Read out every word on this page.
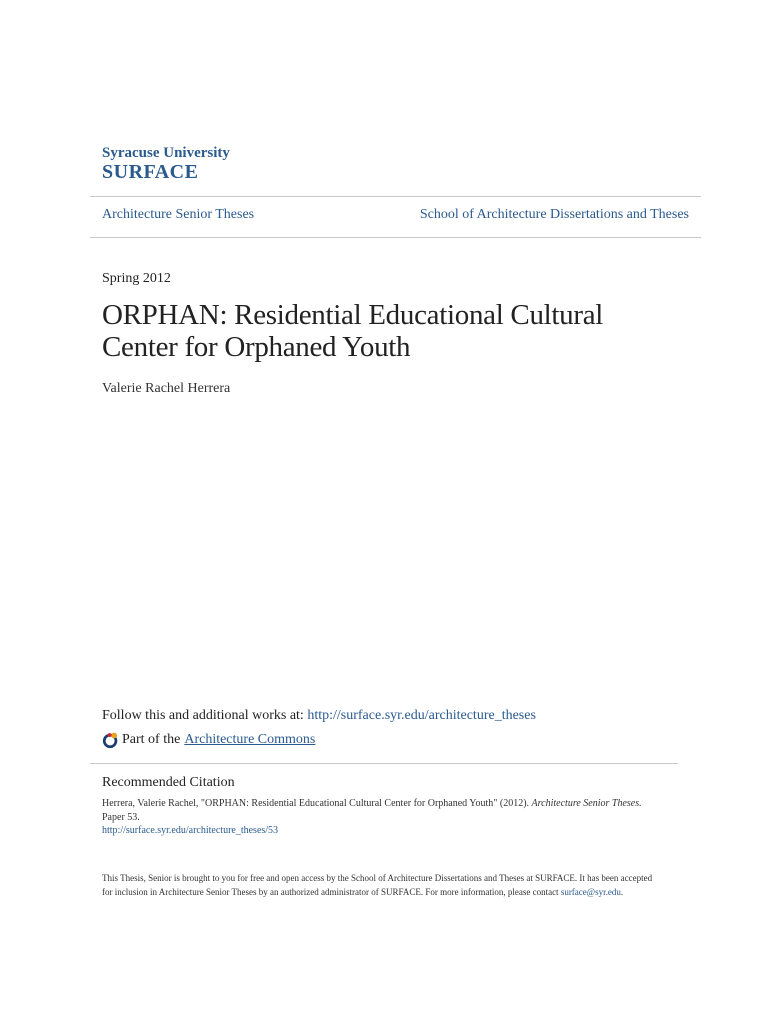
Syracuse University
SURFACE
Architecture Senior Theses	School of Architecture Dissertations and Theses
Spring 2012
ORPHAN: Residential Educational Cultural Center for Orphaned Youth
Valerie Rachel Herrera
Follow this and additional works at: http://surface.syr.edu/architecture_theses
Part of the Architecture Commons
Recommended Citation
Herrera, Valerie Rachel, "ORPHAN: Residential Educational Cultural Center for Orphaned Youth" (2012). Architecture Senior Theses.
Paper 53.
http://surface.syr.edu/architecture_theses/53
This Thesis, Senior is brought to you for free and open access by the School of Architecture Dissertations and Theses at SURFACE. It has been accepted
for inclusion in Architecture Senior Theses by an authorized administrator of SURFACE. For more information, please contact surface@syr.edu.
